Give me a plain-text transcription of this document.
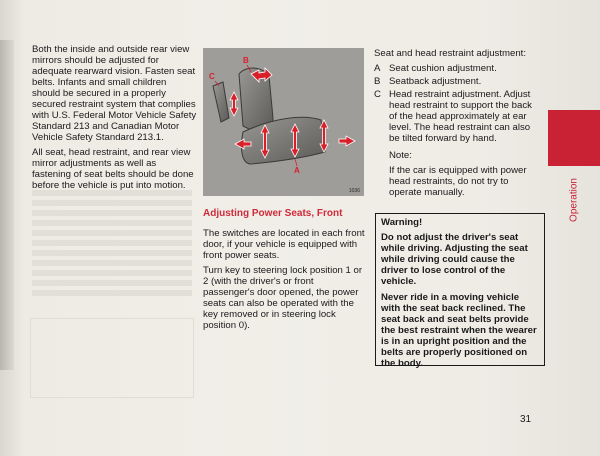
Both the inside and outside rear view mirrors should be adjusted for adequate rearward vision. Fasten seat belts. Infants and small children should be secured in a properly secured restraint system that complies with U.S. Federal Motor Vehicle Safety Standard 213 and Canadian Motor Vehicle Safety Standard 213.1.

All seat, head restraint, and rear view mirror adjustments as well as fastening of seat belts should be done before the vehicle is put into motion.

B
C
A
1036
Adjusting Power Seats, Front

The switches are located in each front door, if your vehicle is equipped with front power seats.

Turn key to steering lock position 1 or 2 (with the driver's or front passenger's door opened, the power seats can also be operated with the key removed or in steering lock position 0).

Seat and head restraint adjustment:

A Seat cushion adjustment.
B Seatback adjustment.
C Head restraint adjustment. Adjust head restraint to support the back of the head approximately at ear level. The head restraint can also be tilted forward by hand.

Note:

If the car is equipped with power head restraints, do not try to operate manually.

Warning!

Do not adjust the driver's seat while driving. Adjusting the seat while driving could cause the driver to lose control of the vehicle.

Never ride in a moving vehicle with the seat back reclined. The seat back and seat belts provide the best restraint when the wearer is in an upright position and the belts are properly positioned on the body.

Operation
31
